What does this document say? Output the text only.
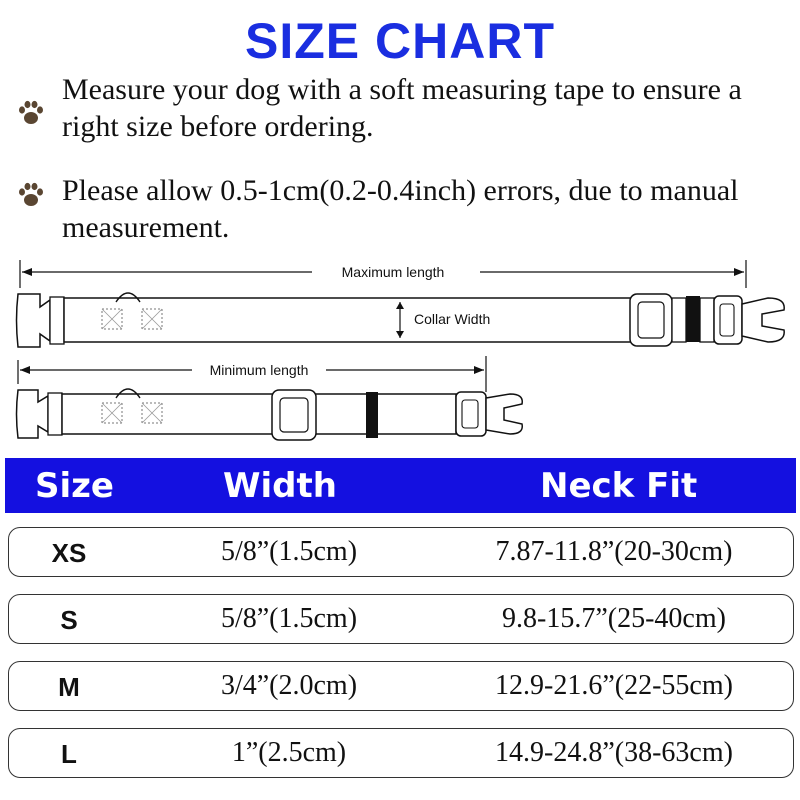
SIZE CHART
Measure your dog with a soft measuring tape to ensure a right size before ordering.
Please allow 0.5-1cm(0.2-0.4inch) errors, due to manual measurement.
Maximum length
Collar Width
Minimum length
Size	Width	Neck Fit
XS	5/8”(1.5cm)	7.87-11.8”(20-30cm)
S	5/8”(1.5cm)	9.8-15.7”(25-40cm)
M	3/4”(2.0cm)	12.9-21.6”(22-55cm)
L	1”(2.5cm)	14.9-24.8”(38-63cm)
